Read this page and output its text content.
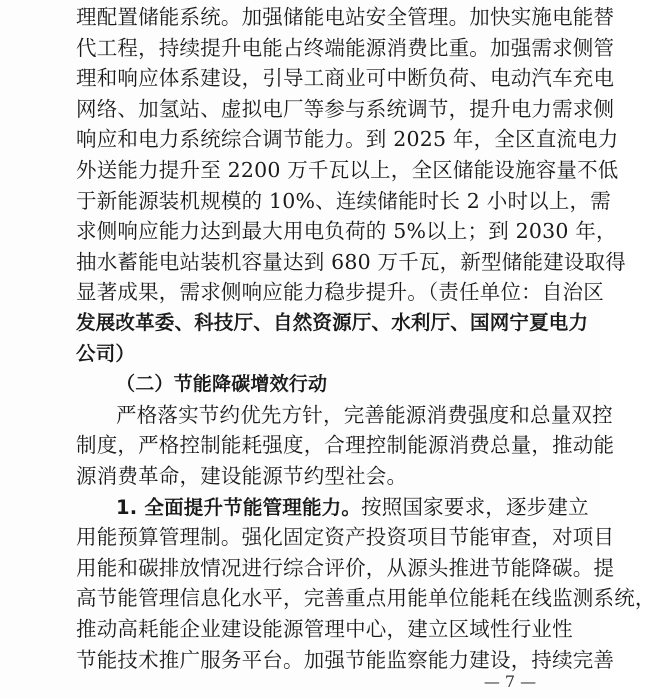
理配置储能系统。加强储能电站安全管理。加快实施电能替
代工程，持续提升电能占终端能源消费比重。加强需求侧管
理和响应体系建设，引导工商业可中断负荷、电动汽车充电
网络、加氢站、虚拟电厂等参与系统调节，提升电力需求侧
响应和电力系统综合调节能力。到 2025 年，全区直流电力
外送能力提升至 2200 万千瓦以上，全区储能设施容量不低
于新能源装机规模的 10%、连续储能时长 2 小时以上，需
求侧响应能力达到最大用电负荷的 5%以上；到 2030 年，
抽水蓄能电站装机容量达到 680 万千瓦，新型储能建设取得
显著成果，需求侧响应能力稳步提升。（责任单位：自治区
发展改革委、科技厅、自然资源厅、水利厅、国网宁夏电力
公司）
（二）节能降碳增效行动
严格落实节约优先方针，完善能源消费强度和总量双控
制度，严格控制能耗强度，合理控制能源消费总量，推动能
源消费革命，建设能源节约型社会。
1. 全面提升节能管理能力。按照国家要求，逐步建立
用能预算管理制。强化固定资产投资项目节能审查，对项目
用能和碳排放情况进行综合评价，从源头推进节能降碳。提
高节能管理信息化水平，完善重点用能单位能耗在线监测系统，
推动高耗能企业建设能源管理中心，建立区域性行业性
节能技术推广服务平台。加强节能监察能力建设，持续完善
— 7 —
